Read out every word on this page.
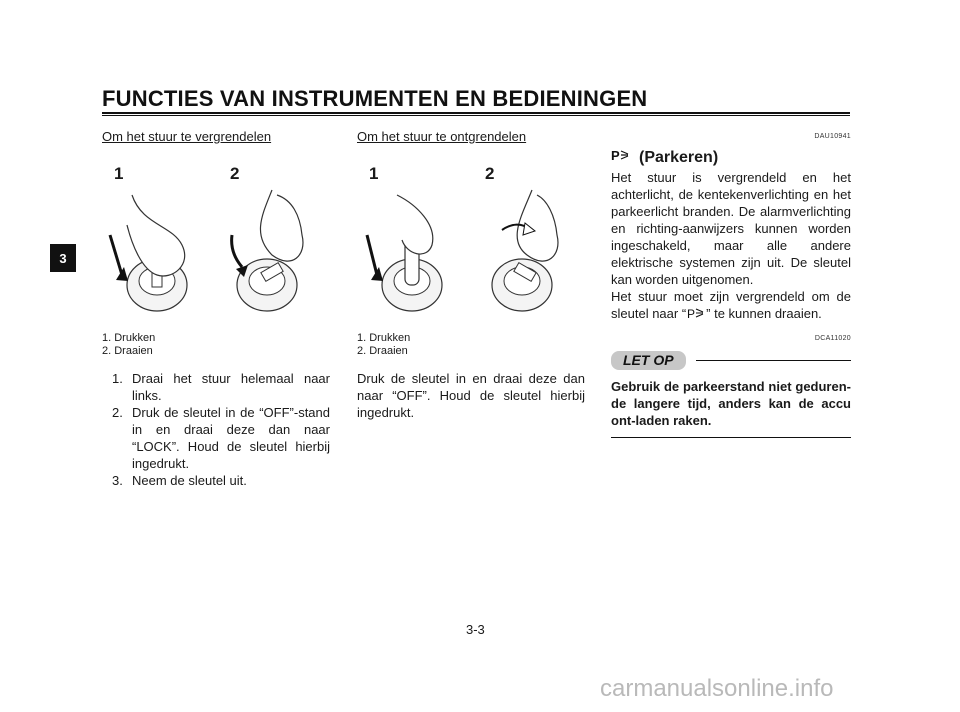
FUNCTIES VAN INSTRUMENTEN EN BEDIENINGEN
3

Om het stuur te vergrendelen

1	2
1. Drukken
2. Draaien
1. Draai het stuur helemaal naar links.
2. Druk de sleutel in de “OFF”-stand in en draai deze dan naar “LOCK”. Houd de sleutel hierbij ingedrukt.
3. Neem de sleutel uit.

Om het stuur te ontgrendelen

1	2
1. Drukken
2. Draaien

Druk de sleutel in en draai deze dan naar “OFF”. Houd de sleutel hierbij ingedrukt.

DAU10941
P (Parkeren)

Het stuur is vergrendeld en het achterlicht, de kentekenverlichting en het parkeerlicht branden. De alarmverlichting en richting-aanwijzers kunnen worden ingeschakeld, maar alle andere elektrische systemen zijn uit. De sleutel kan worden uitgenomen.

Het stuur moet zijn vergrendeld om de sleutel naar “ P ” te kunnen draaien.

DCA11020
LET OP
Gebruik de parkeerstand niet geduren-de langere tijd, anders kan de accu ont-laden raken.
3-3
carmanualsonline.info
